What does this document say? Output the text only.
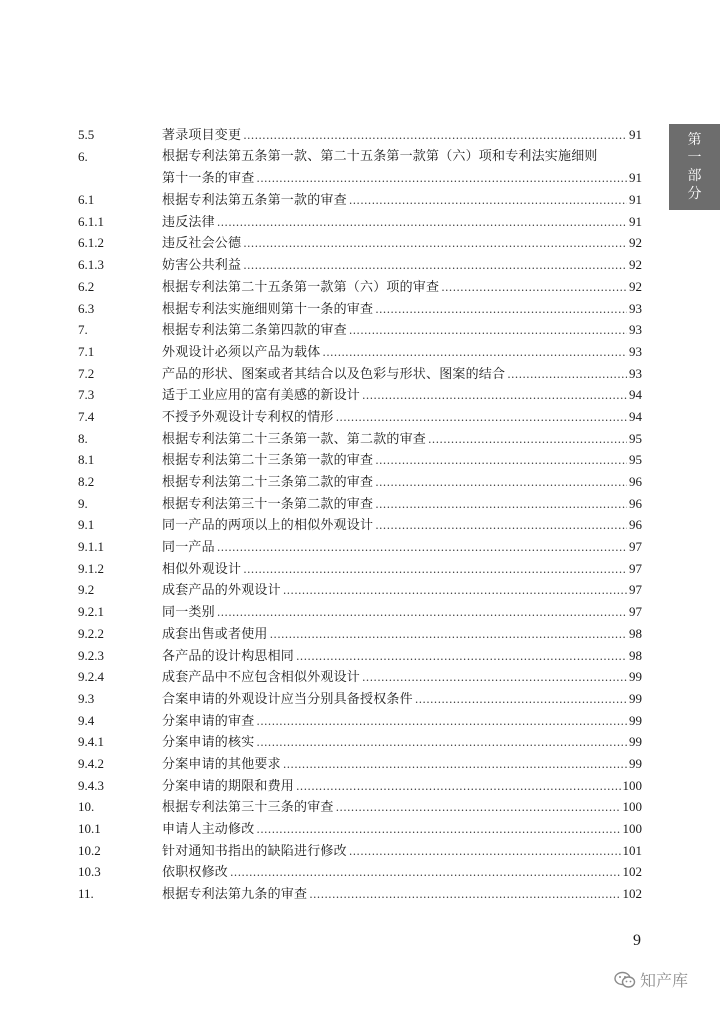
5.5	著录项目变更 . . .	91
6.	根据专利法第五条第一款、第二十五条第一款第（六）项和专利法实施细则
第十一条的审查 . . .	91
6.1	根据专利法第五条第一款的审查 . . .	91
6.1.1	违反法律 . . .	91
6.1.2	违反社会公德 . . .	92
6.1.3	妨害公共利益 . . .	92
6.2	根据专利法第二十五条第一款第（六）项的审查 . . .	92
6.3	根据专利法实施细则第十一条的审查 . . .	93
7.	根据专利法第二条第四款的审查 . . .	93
7.1	外观设计必须以产品为载体 . . .	93
7.2	产品的形状、图案或者其结合以及色彩与形状、图案的结合 . . .	93
7.3	适于工业应用的富有美感的新设计 . . .	94
7.4	不授予外观设计专利权的情形 . . .	94
8.	根据专利法第二十三条第一款、第二款的审查 . . .	95
8.1	根据专利法第二十三条第一款的审查 . . .	95
8.2	根据专利法第二十三条第二款的审查 . . .	96
9.	根据专利法第三十一条第二款的审查 . . .	96
9.1	同一产品的两项以上的相似外观设计 . . .	96
9.1.1	同一产品 . . .	97
9.1.2	相似外观设计 . . .	97
9.2	成套产品的外观设计 . . .	97
9.2.1	同一类别 . . .	97
9.2.2	成套出售或者使用 . . .	98
9.2.3	各产品的设计构思相同 . . .	98
9.2.4	成套产品中不应包含相似外观设计 . . .	99
9.3	合案申请的外观设计应当分别具备授权条件 . . .	99
9.4	分案申请的审查 . . .	99
9.4.1	分案申请的核实 . . .	99
9.4.2	分案申请的其他要求 . . .	99
9.4.3	分案申请的期限和费用 . . .	100
10.	根据专利法第三十三条的审查 . . .	100
10.1	申请人主动修改 . . .	100
10.2	针对通知书指出的缺陷进行修改 . . .	101
10.3	依职权修改 . . .	102
11.	根据专利法第九条的审查 . . .	102
第
一
部
分
9
知产库
